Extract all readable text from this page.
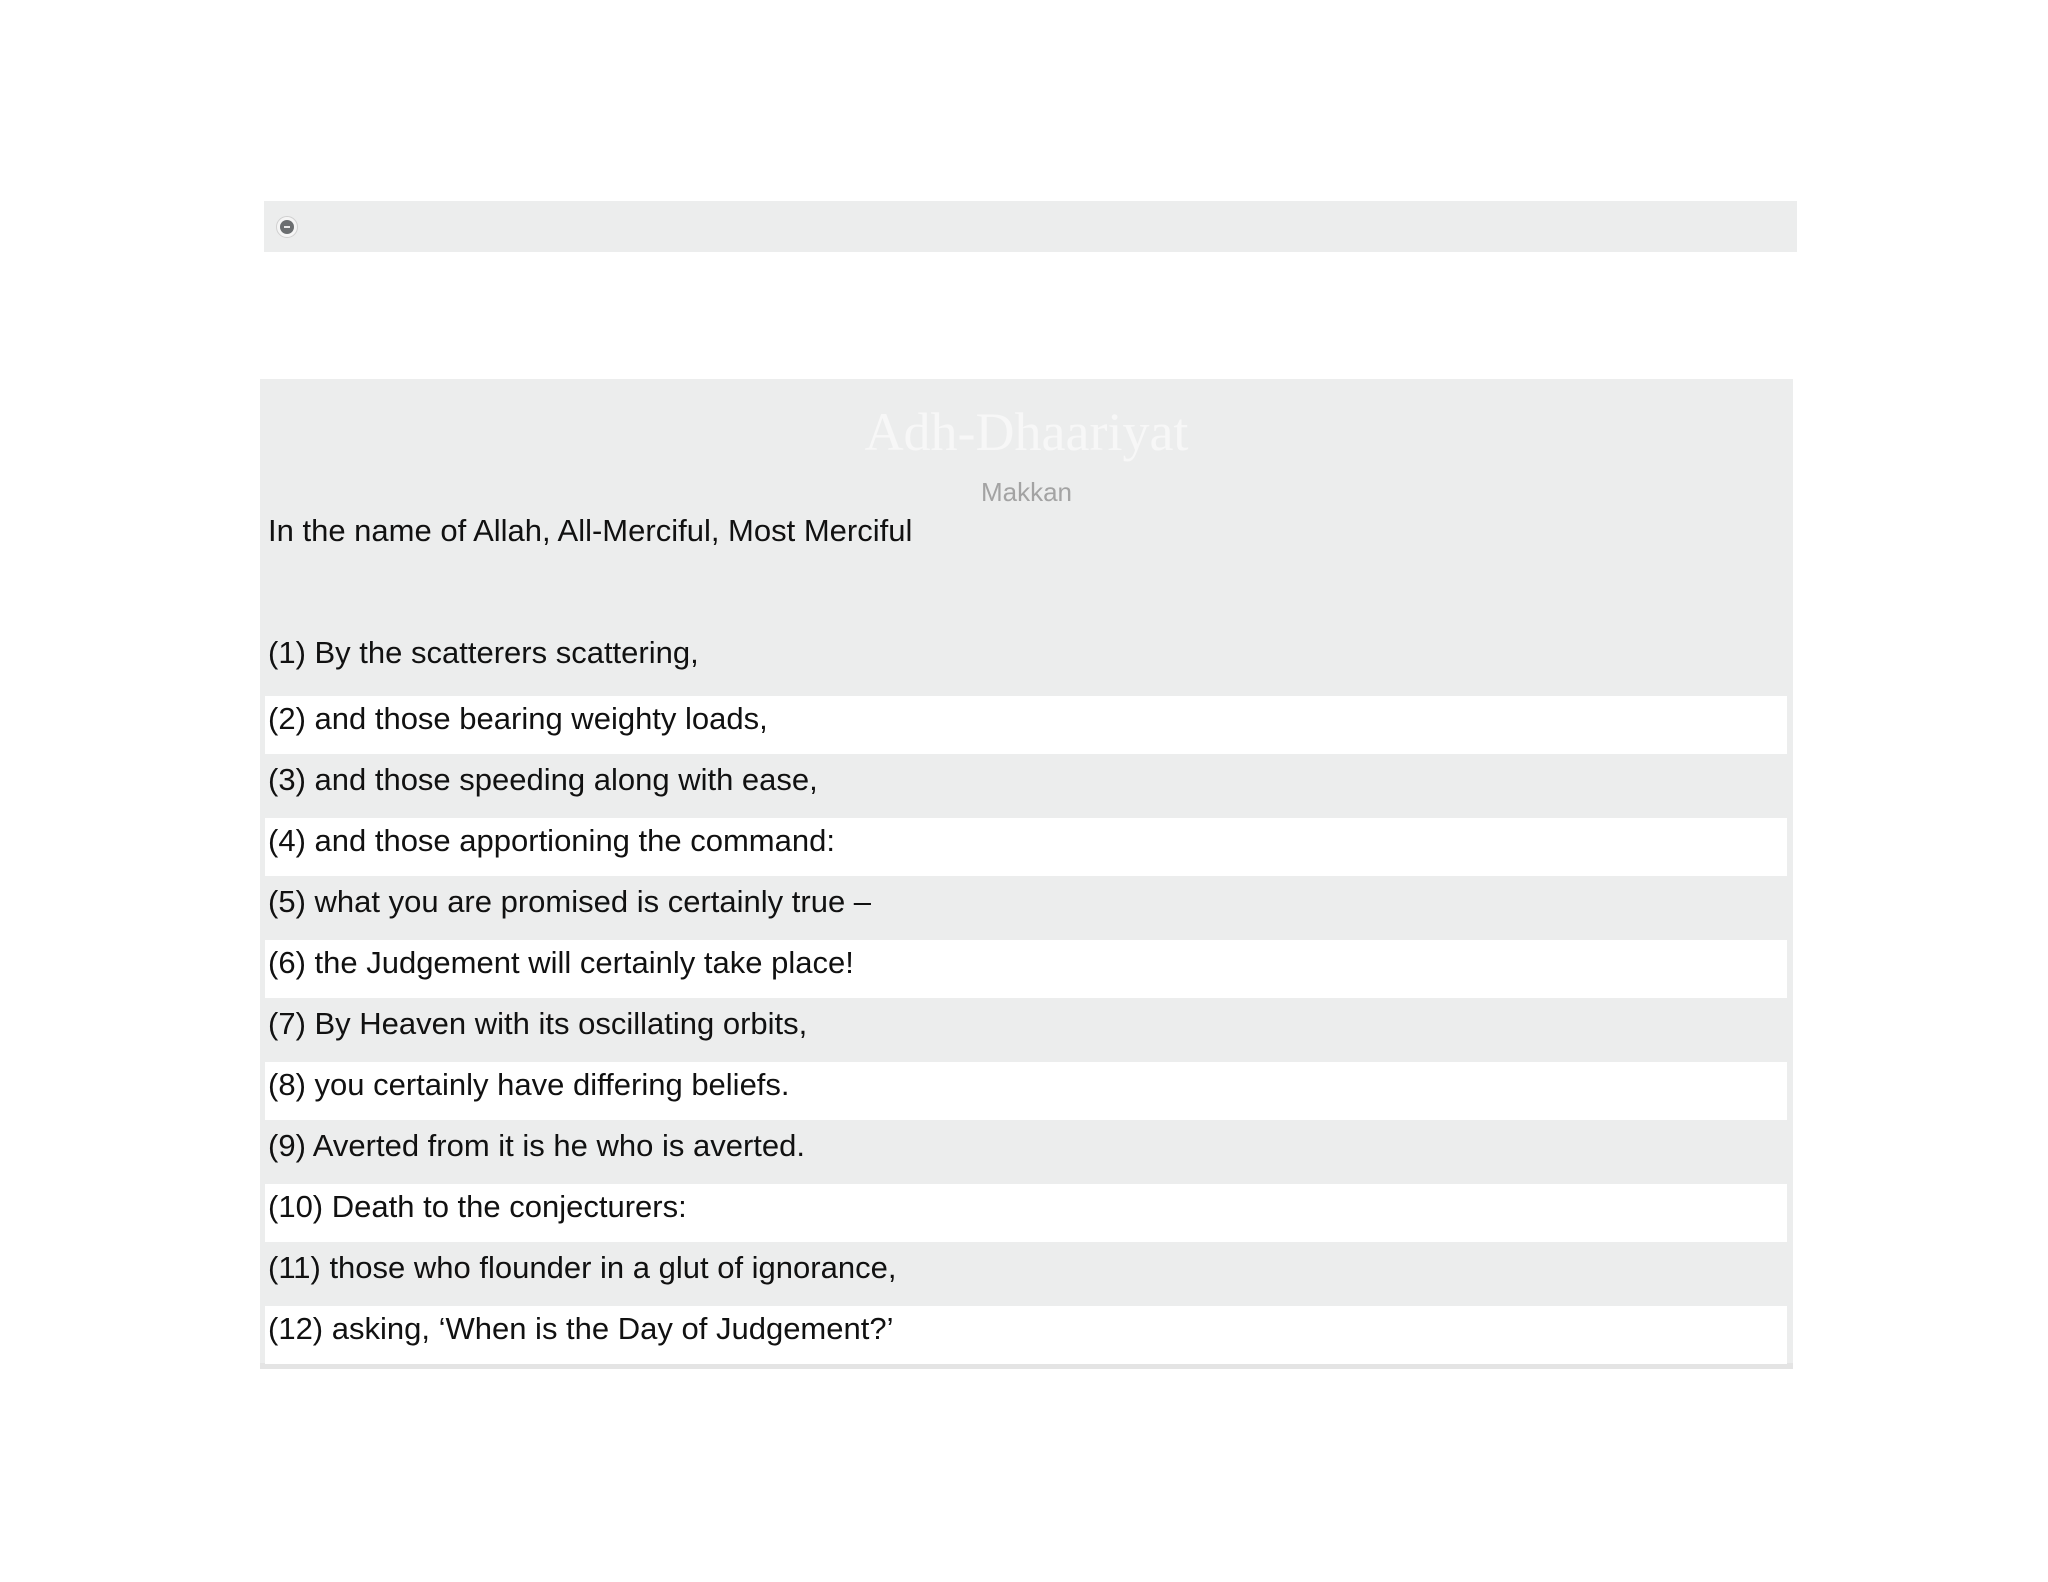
Adh-Dhaariyat
Makkan
In the name of Allah, All-Merciful, Most Merciful
(1) By the scatterers scattering,
(2) and those bearing weighty loads,
(3) and those speeding along with ease,
(4) and those apportioning the command:
(5) what you are promised is certainly true –
(6) the Judgement will certainly take place!
(7) By Heaven with its oscillating orbits,
(8) you certainly have differing beliefs.
(9) Averted from it is he who is averted.
(10) Death to the conjecturers:
(11) those who flounder in a glut of ignorance,
(12) asking, ‘When is the Day of Judgement?’
